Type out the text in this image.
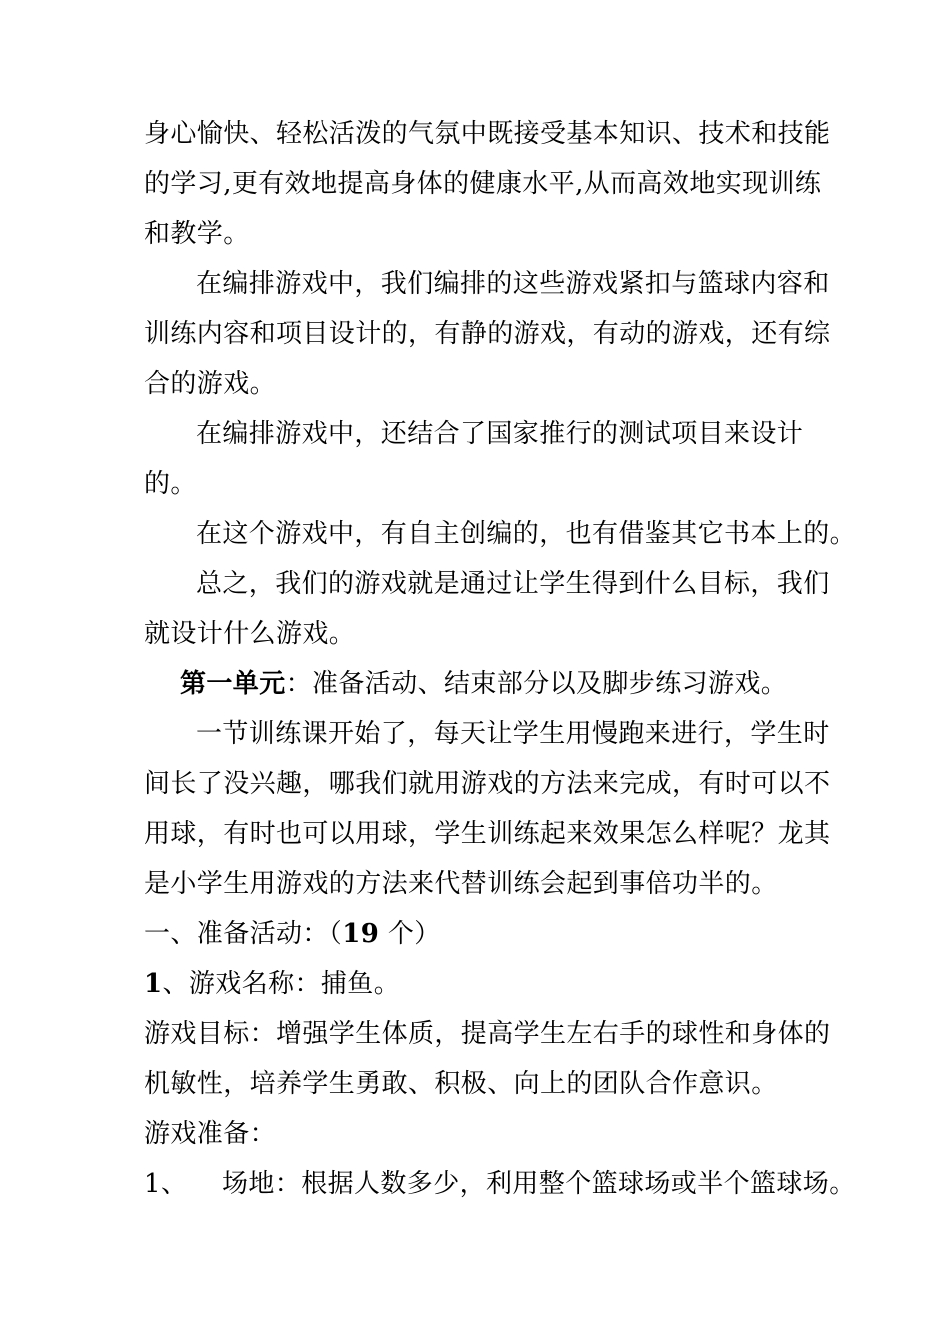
身心愉快、轻松活泼的气氛中既接受基本知识、技术和技能
的学习,更有效地提高身体的健康水平,从而高效地实现训练
和教学。
在编排游戏中，我们编排的这些游戏紧扣与篮球内容和
训练内容和项目设计的，有静的游戏，有动的游戏，还有综
合的游戏。
在编排游戏中，还结合了国家推行的测试项目来设计
的。
在这个游戏中，有自主创编的，也有借鉴其它书本上的。
总之，我们的游戏就是通过让学生得到什么目标，我们
就设计什么游戏。
第一单元：准备活动、结束部分以及脚步练习游戏。
一节训练课开始了，每天让学生用慢跑来进行，学生时
间长了没兴趣，哪我们就用游戏的方法来完成，有时可以不
用球，有时也可以用球，学生训练起来效果怎么样呢？龙其
是小学生用游戏的方法来代替训练会起到事倍功半的。
一、准备活动：（19 个）
1、游戏名称：捕鱼。
游戏目标：增强学生体质，提高学生左右手的球性和身体的
机敏性，培养学生勇敢、积极、向上的团队合作意识。
游戏准备：
1、    场地：根据人数多少，利用整个篮球场或半个篮球场。
